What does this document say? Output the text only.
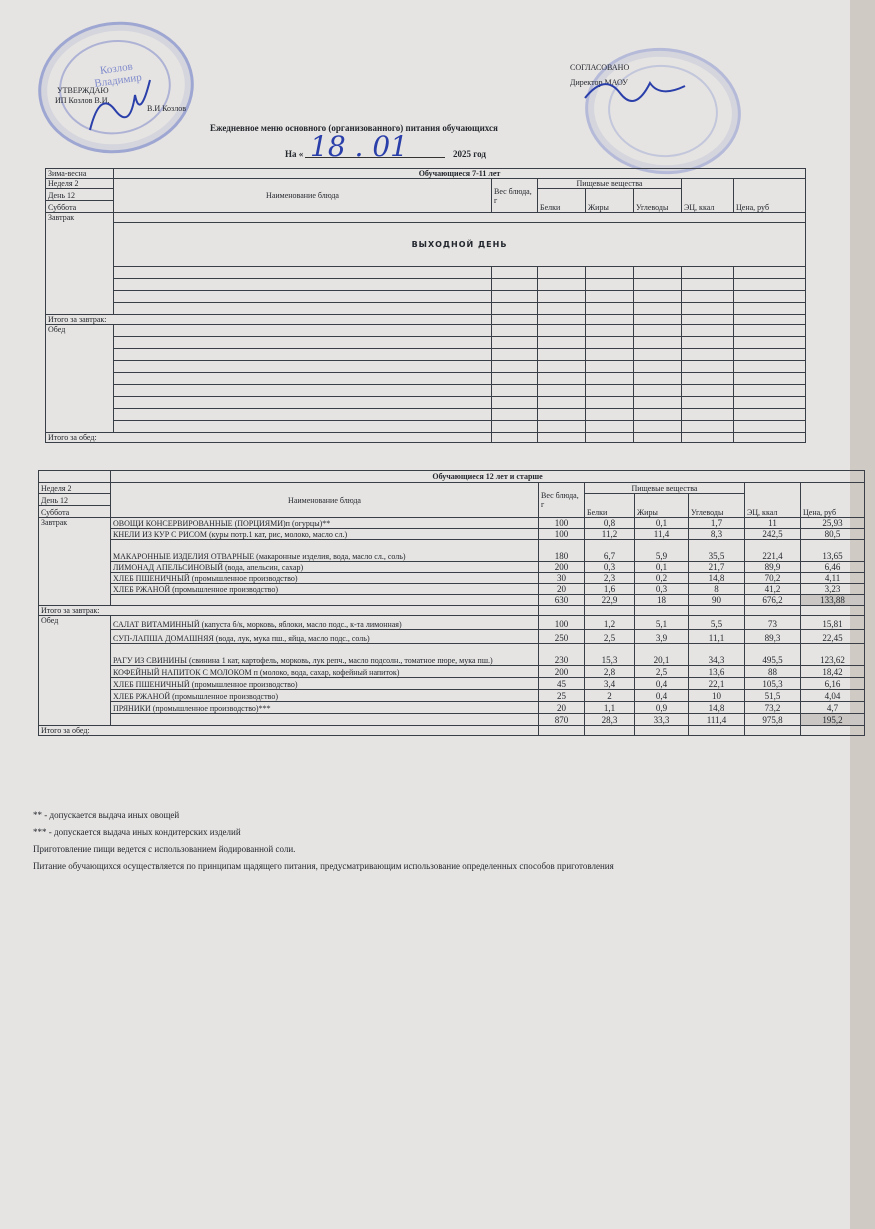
Козлов Владимир
УТВЕРЖДАЮ
ИП Козлов В.И.
В.И Козлов
СОГЛАСОВАНО
Директор МАОУ
Ежедневное меню основного (организованного) питания обучающихся
На « 18 . 01	2025 год
Зима-весна	Обучающиеся 7-11 лет						
Неделя 2	Наименование блюда	Вес блюда, г	Пищевые вещества			ЭЦ, ккал	Цена, руб
День 12			Белки	Жиры	Углеводы		
Суббота							
Завтрак							
	ВЫХОДНОЙ ДЕНЬ						

Итого за завтрак:							
Обед							

Итого за обед:							
	Обучающиеся 12 лет и старше						
Неделя 2	Наименование блюда	Вес блюда, г	Пищевые вещества			ЭЦ, ккал	Цена, руб
День 12			Белки	Жиры	Углеводы		
Суббота							
Завтрак	ОВОЩИ КОНСЕРВИРОВАННЫЕ (ПОРЦИЯМИ)п (огурцы)**	100	0,8	0,1	1,7	11	25,93
	КНЕЛИ ИЗ КУР С РИСОМ (куры потр.1 кат, рис, молоко, масло сл.)	100	11,2	11,4	8,3	242,5	80,5
	МАКАРОННЫЕ ИЗДЕЛИЯ ОТВАРНЫЕ (макаронные изделия, вода, масло сл., соль)	180	6,7	5,9	35,5	221,4	13,65
	ЛИМОНАД АПЕЛЬСИНОВЫЙ (вода, апельсин, сахар)	200	0,3	0,1	21,7	89,9	6,46
	ХЛЕБ ПШЕНИЧНЫЙ (промышленное производство)	30	2,3	0,2	14,8	70,2	4,11
	ХЛЕБ РЖАНОЙ (промышленное производство)	20	1,6	0,3	8	41,2	3,23
		630	22,9	18	90	676,2	133,88
Итого за завтрак:							
Обед	САЛАТ ВИТАМИННЫЙ (капуста б/к, морковь, яблоки, масло подс., к-та лимонная)	100	1,2	5,1	5,5	73	15,81
	СУП-ЛАПША ДОМАШНЯЯ (вода, лук, мука пш., яйца, масло подс., соль)	250	2,5	3,9	11,1	89,3	22,45
	РАГУ ИЗ СВИНИНЫ (свинина 1 кат, картофель, морковь, лук репч., масло подсолн., томатное пюре, мука пш.)	230	15,3	20,1	34,3	495,5	123,62
	КОФЕЙНЫЙ НАПИТОК С МОЛОКОМ п (молоко, вода, сахар, кофейный напиток)	200	2,8	2,5	13,6	88	18,42
	ХЛЕБ ПШЕНИЧНЫЙ (промышленное производство)	45	3,4	0,4	22,1	105,3	6,16
	ХЛЕБ РЖАНОЙ (промышленное производство)	25	2	0,4	10	51,5	4,04
	ПРЯНИКИ (промышленное производство)***	20	1,1	0,9	14,8	73,2	4,7
		870	28,3	33,3	111,4	975,8	195,2
Итого за обед:							
** - допускается выдача иных овощей
*** - допускается выдача иных кондитерских изделий
Приготовление пищи ведется с использованием йодированной соли.
Питание обучающихся осуществляется по принципам щадящего питания, предусматривающим использование определенных способов приготовления
